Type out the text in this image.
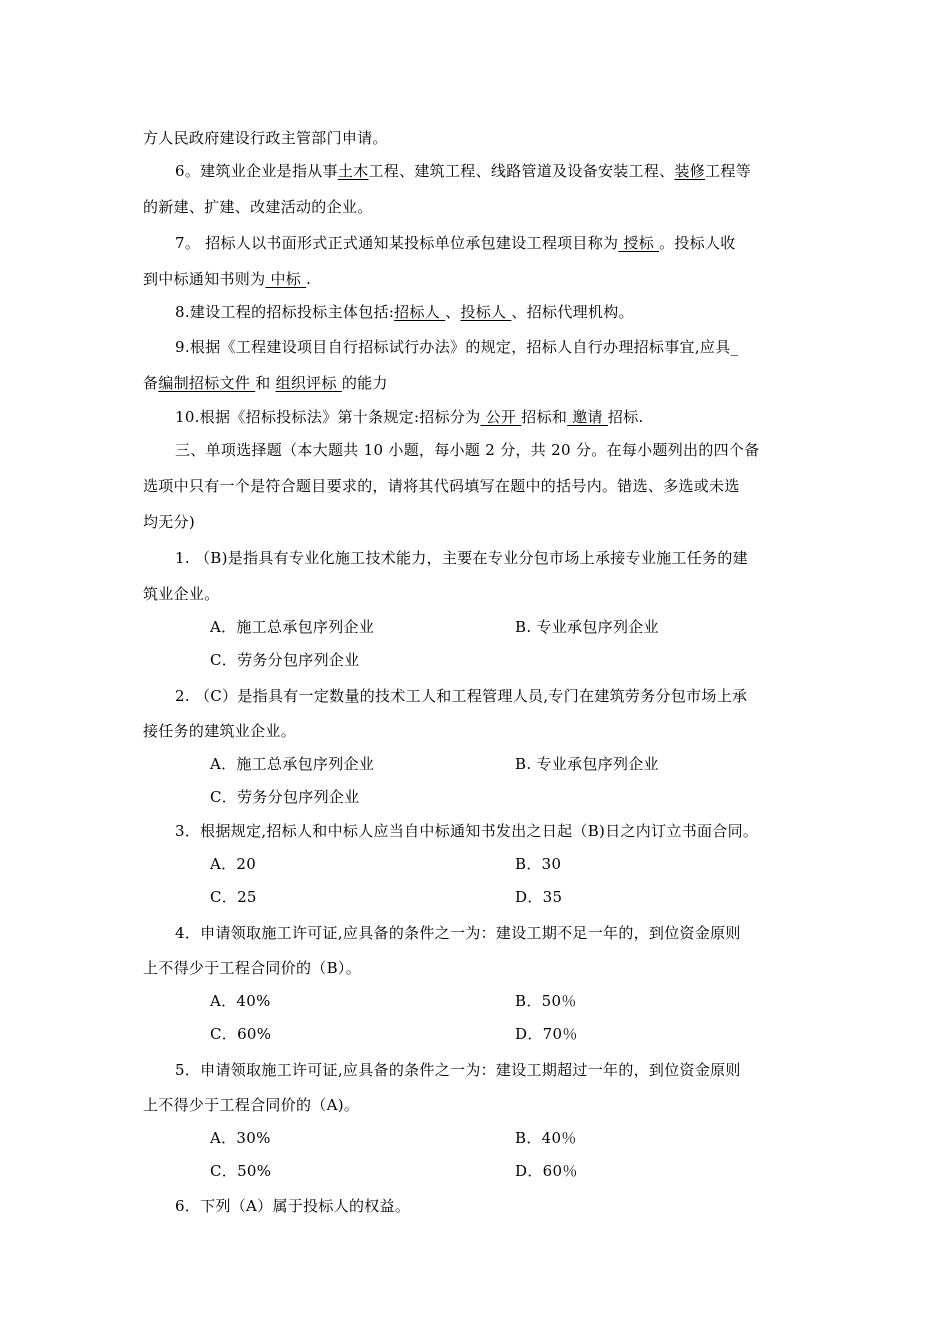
方人民政府建设行政主管部门申请。
6。建筑业企业是指从事土木工程、建筑工程、线路管道及设备安装工程、装修工程等
的新建、扩建、改建活动的企业。
7。 招标人以书面形式正式通知某投标单位承包建设工程项目称为 授标 。投标人收
到中标通知书则为 中标 .
8.建设工程的招标投标主体包括:招标人 、投标人 、招标代理机构。
9.根据《工程建设项目自行招标试行办法》的规定，招标人自行办理招标事宜,应具_
备编制招标文件 和 组织评标 的能力
10.根据《招标投标法》第十条规定:招标分为 公开 招标和 邀请 招标.
三、单项选择题（本大题共 10 小题，每小题 2 分，共 20 分。在每小题列出的四个备
选项中只有一个是符合题目要求的，请将其代码填写在题中的括号内。错选、多选或未选
均无分)
1. （B)是指具有专业化施工技术能力，主要在专业分包市场上承接专业施工任务的建
筑业企业。
A．施工总承包序列企业	B. 专业承包序列企业
C．劳务分包序列企业
2. （C）是指具有一定数量的技术工人和工程管理人员,专门在建筑劳务分包市场上承
接任务的建筑业企业。
A．施工总承包序列企业	B. 专业承包序列企业
C．劳务分包序列企业
3．根据规定,招标人和中标人应当自中标通知书发出之日起（B)日之内订立书面合同。
A．20	B．30
C．25	D．35
4．申请领取施工许可证,应具备的条件之一为：建设工期不足一年的，到位资金原则
上不得少于工程合同价的（B）。
A．40%	B．50％
C．60%	D．70％
5．申请领取施工许可证,应具备的条件之一为：建设工期超过一年的，到位资金原则
上不得少于工程合同价的（A)。
A．30%	B．40％
C．50%	D．60％
6．下列（A）属于投标人的权益。
